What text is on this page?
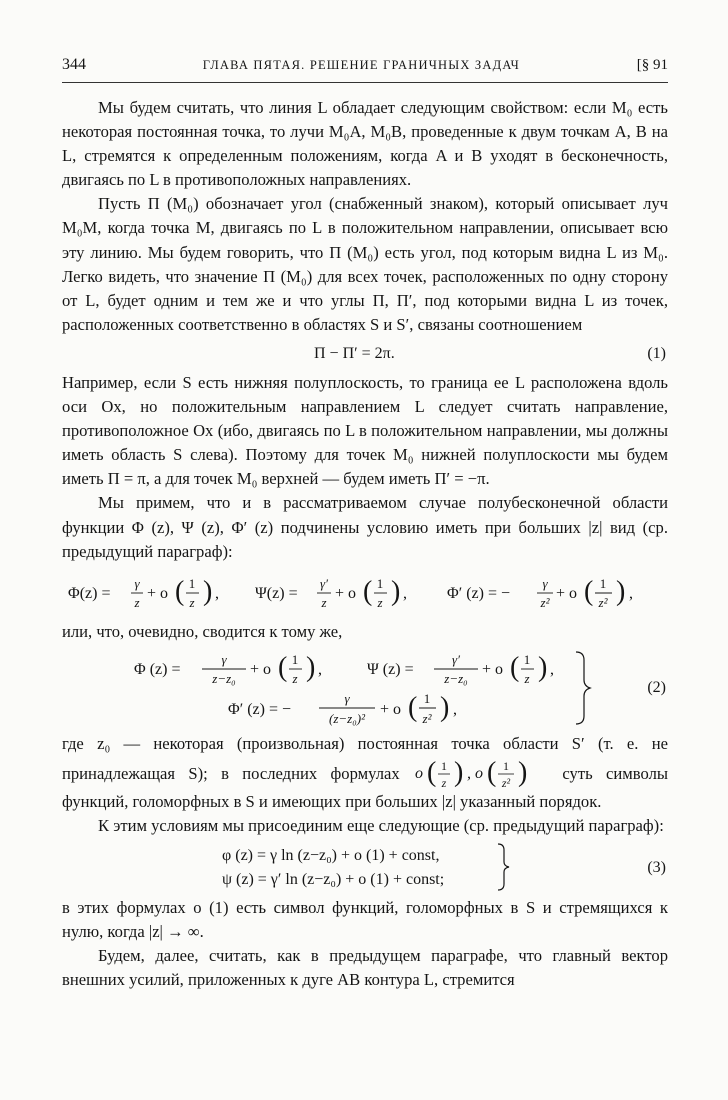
344	ГЛАВА ПЯТАЯ. РЕШЕНИЕ ГРАНИЧНЫХ ЗАДАЧ	[§ 91

Мы будем считать, что линия L обладает следующим свойством: если M₀ есть некоторая постоянная точка, то лучи M₀A, M₀B, проведенные к двум точкам A, B на L, стремятся к определенным положениям, когда A и B уходят в бесконечность, двигаясь по L в противоположных направлениях.

Пусть Π (M₀) обозначает угол (снабженный знаком), который описывает луч M₀M, когда точка M, двигаясь по L в положительном направлении, описывает всю эту линию. Мы будем говорить, что Π (M₀) есть угол, под которым видна L из M₀. Легко видеть, что значение Π (M₀) для всех точек, расположенных по одну сторону от L, будет одним и тем же и что углы Π, Π′, под которыми видна L из точек, расположенных соответственно в областях S и S′, связаны соотношением

Π − Π′ = 2π.	(1)

Например, если S есть нижняя полуплоскость, то граница ее L расположена вдоль оси Ox, но положительным направлением L следует считать направление, противоположное Ox (ибо, двигаясь по L в положительном направлении, мы должны иметь область S слева). Поэтому для точек M₀ нижней полуплоскости мы будем иметь Π = π, а для точек M₀ верхней — будем иметь Π′ = −π.

Мы примем, что и в рассматриваемом случае полубесконечной области функции Φ (z), Ψ (z), Φ′ (z) подчинены условию иметь при больших |z| вид (ср. предыдущий параграф):

Φ(z) =
γ
z
+ o ( 1
z ) , Ψ(z) =
γ′
z
+ o ( 1
z ) ,	Φ′ (z) = −
γ
z²
+ o ( 1
z² ) ,

или, что, очевидно, сводится к тому же,

Φ (z) =
γ
z−z₀
+ o ( 1
z ) ,	Ψ (z) =
γ′
z−z₀
+ o ( 1
z ) ,
Φ′ (z) = −
γ
(z−z₀)²
+ o ( 1
z² ) ,
(2)

где z₀ — некоторая (произвольная) постоянная точка области S′ (т. е. не принадлежащая S); в последних формулах o ( 1
z ) , o ( 1
z² ) суть символы функций, голоморфных в S и имеющих при больших |z| указанный порядок.

К этим условиям мы присоединим еще следующие (ср. предыдущий параграф):

φ (z) = γ ln (z−z₀) + o (1) + const,
ψ (z) = γ′ ln (z−z₀) + o (1) + const;
(3)

в этих формулах o (1) есть символ функций, голоморфных в S и стремящихся к нулю, когда |z| → ∞.

Будем, далее, считать, как в предыдущем параграфе, что главный вектор внешних усилий, приложенных к дуге AB контура L, стремится
